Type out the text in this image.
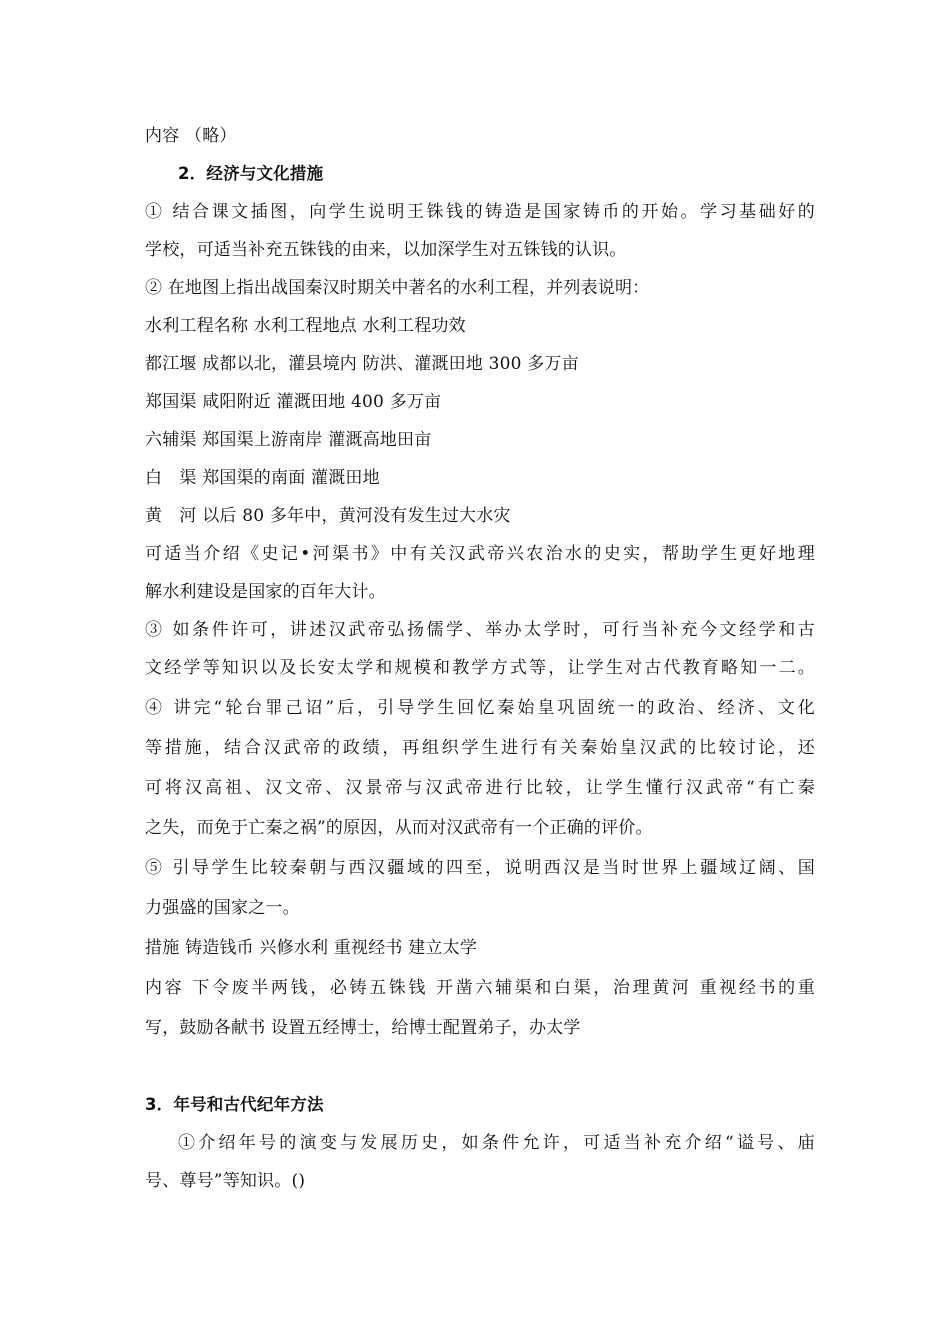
内容 （略）
2．经济与文化措施
① 结合课文插图，向学生说明王铢钱的铸造是国家铸币的开始。学习基础好的
学校，可适当补充五铢钱的由来，以加深学生对五铢钱的认识。
② 在地图上指出战国秦汉时期关中著名的水利工程，并列表说明：
水利工程名称 水利工程地点 水利工程功效
都江堰 成都以北，灌县境内 防洪、灌溉田地 300 多万亩
郑国渠 咸阳附近 灌溉田地 400 多万亩
六辅渠 郑国渠上游南岸 灌溉高地田亩
白　渠 郑国渠的南面 灌溉田地
黄　河 以后 80 多年中，黄河没有发生过大水灾
可适当介绍《史记•河渠书》中有关汉武帝兴农治水的史实，帮助学生更好地理
解水利建设是国家的百年大计。
③ 如条件许可，讲述汉武帝弘扬儒学、举办太学时，可行当补充今文经学和古
文经学等知识以及长安太学和规模和教学方式等，让学生对古代教育略知一二。
④ 讲完“轮台罪己诏”后，引导学生回忆秦始皇巩固统一的政治、经济、文化
等措施，结合汉武帝的政绩，再组织学生进行有关秦始皇汉武的比较讨论，还
可将汉高祖、汉文帝、汉景帝与汉武帝进行比较，让学生懂行汉武帝“有亡秦
之失，而免于亡秦之祸”的原因，从而对汉武帝有一个正确的评价。
⑤ 引导学生比较秦朝与西汉疆域的四至，说明西汉是当时世界上疆域辽阔、国
力强盛的国家之一。
措施 铸造钱币 兴修水利 重视经书 建立太学
内容 下令废半两钱，必铸五铢钱 开凿六辅渠和白渠，治理黄河 重视经书的重
写，鼓励各献书 设置五经博士，给博士配置弟子，办太学
3．年号和古代纪年方法
①介绍年号的演变与发展历史，如条件允许，可适当补充介绍“谥号、庙
号、尊号”等知识。()
